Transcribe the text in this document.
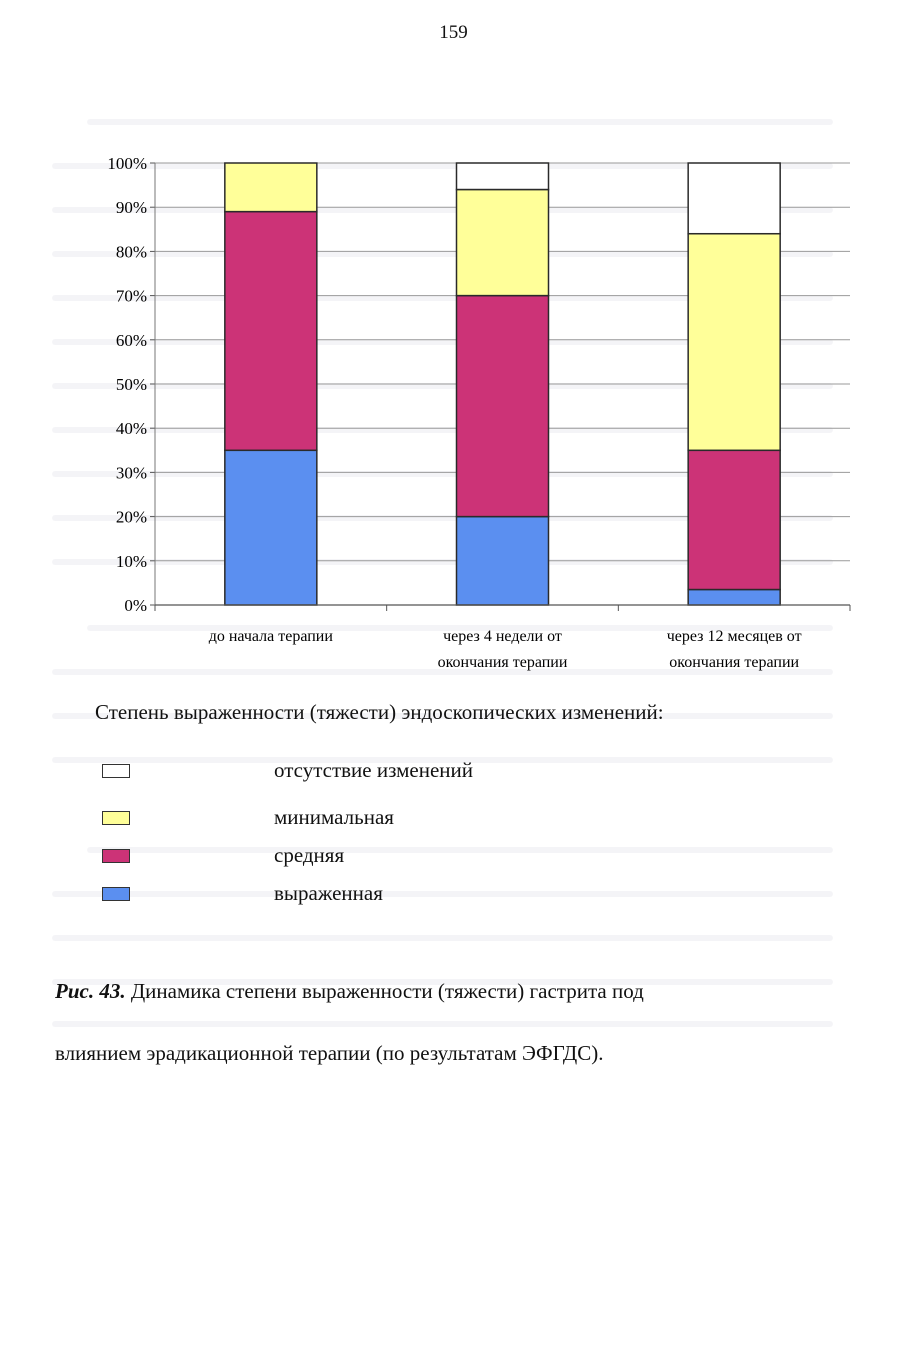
159
0%
10%
20%
30%
40%
50%
60%
70%
80%
90%
100%
до начала терапии	через 4 недели от
окончания терапии
через 12 месяцев от
окончания терапии
Степень выраженности (тяжести) эндоскопических изменений:
отсутствие изменений
минимальная
средняя
выраженная
Рис. 43. Динамика степени выраженности (тяжести) гастрита под
влиянием эрадикационной терапии (по результатам ЭФГДС).
